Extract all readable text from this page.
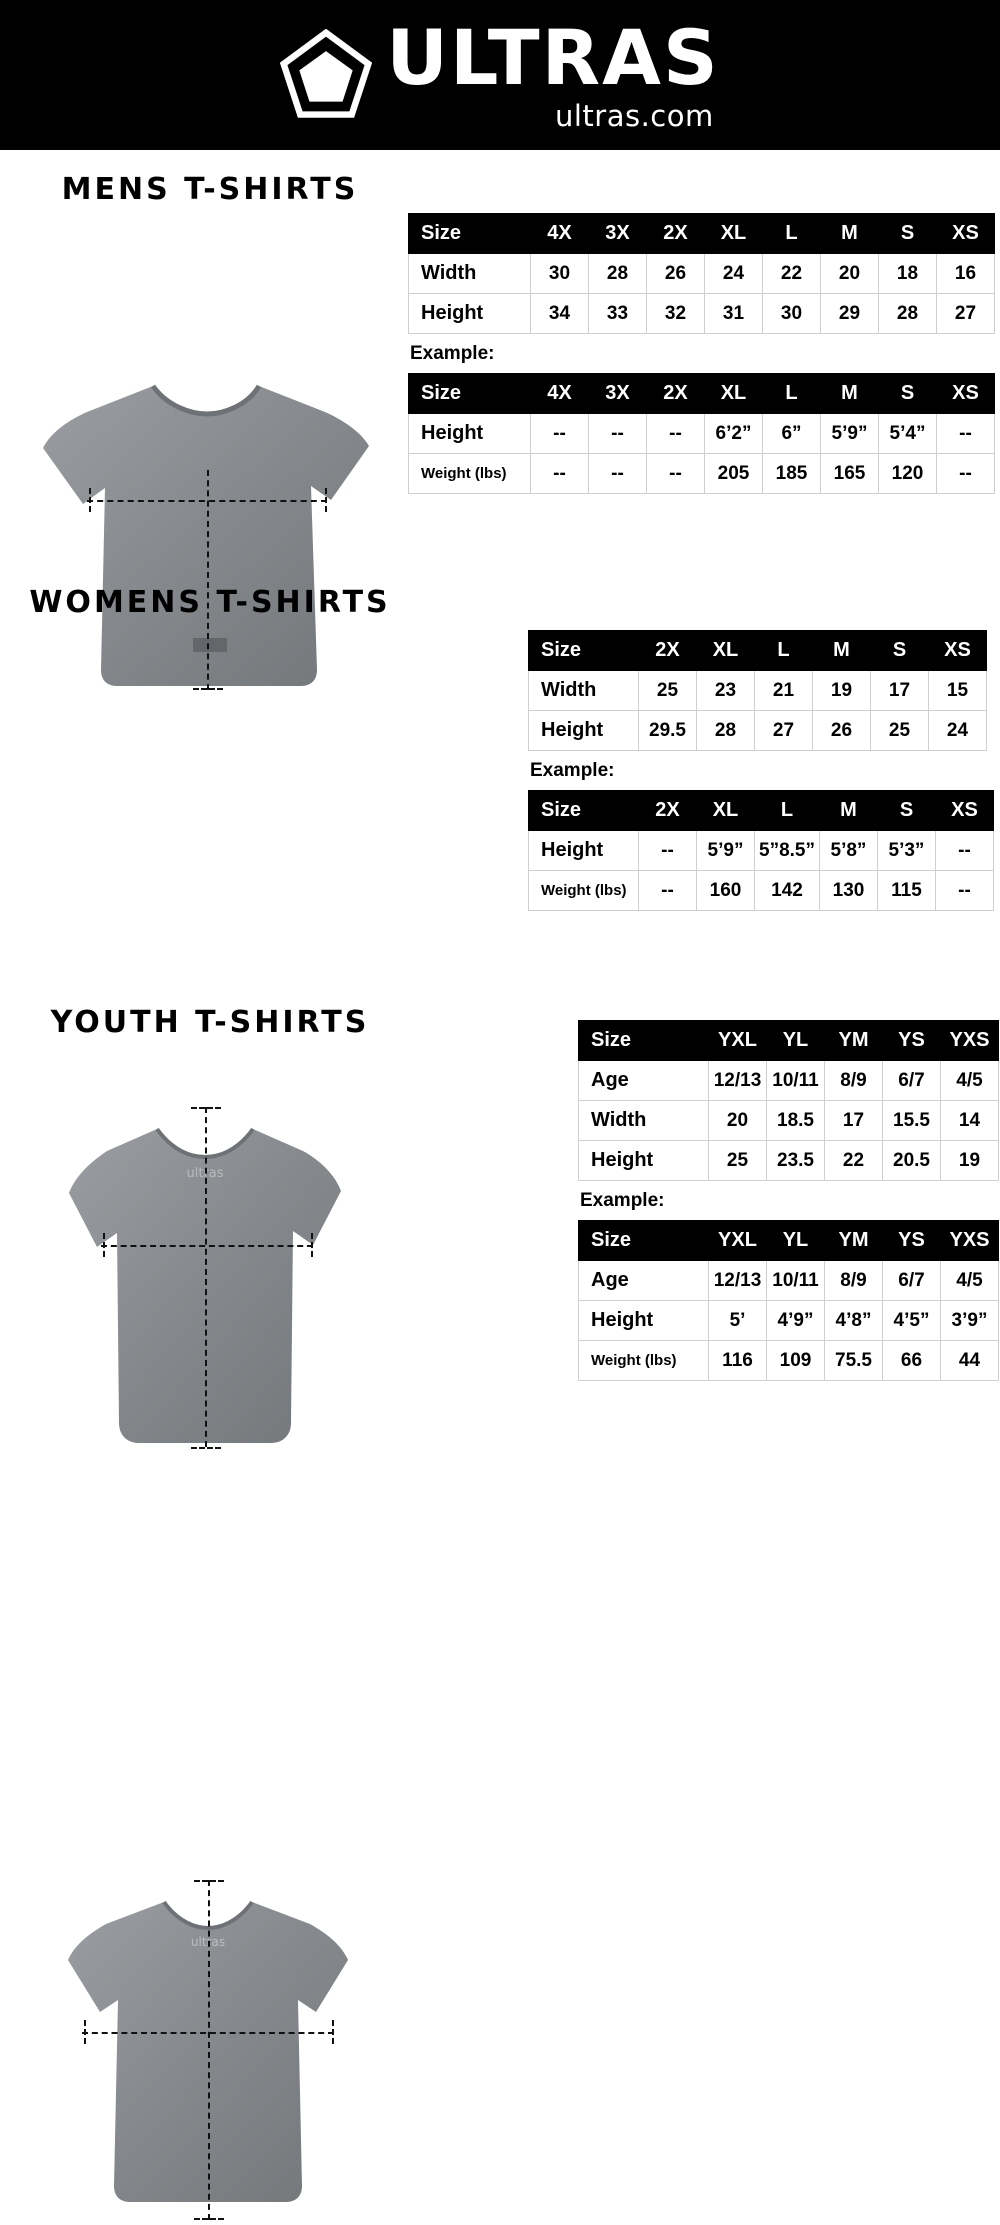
ULTRAS
ultras.com
MENS T-SHIRTS
Size	4X	3X	2X	XL	L	M	S	XS
Width	30	28	26	24	22	20	18	16
Height	34	33	32	31	30	29	28	27
Example:
Size	4X	3X	2X	XL	L	M	S	XS
Height	--	--	--	6’2”	6”	5’9”	5’4”	--
Weight (lbs)	--	--	--	205	185	165	120	--
WOMENS T-SHIRTS
ultras
Size	2X	XL	L	M	S	XS
Width	25	23	21	19	17	15
Height	29.5	28	27	26	25	24
Example:
Size	2X	XL	L	M	S	XS
Height	--	5’9”	5”8.5”	5’8”	5’3”	--
Weight (lbs)	--	160	142	130	115	--
YOUTH T-SHIRTS
ultras
Size	YXL	YL	YM	YS	YXS
Age	12/13	10/11	8/9	6/7	4/5
Width	20	18.5	17	15.5	14
Height	25	23.5	22	20.5	19
Example:
Size	YXL	YL	YM	YS	YXS
Age	12/13	10/11	8/9	6/7	4/5
Height	5’	4’9”	4’8”	4’5”	3’9”
Weight (lbs)	116	109	75.5	66	44
